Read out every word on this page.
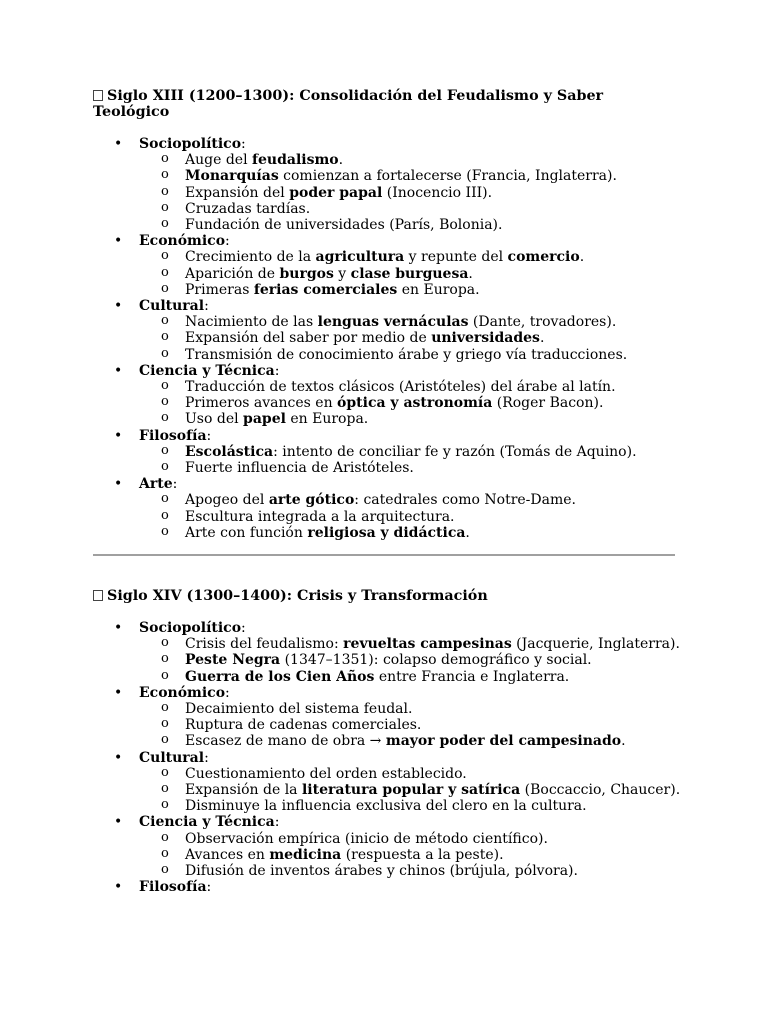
Siglo XIII (1200–1300): Consolidación del Feudalismo y Saber
Teológico

• Sociopolítico:
o Auge del feudalismo.
o Monarquías comienzan a fortalecerse (Francia, Inglaterra).
o Expansión del poder papal (Inocencio III).
o Cruzadas tardías.
o Fundación de universidades (París, Bolonia).
• Económico:
o Crecimiento de la agricultura y repunte del comercio.
o Aparición de burgos y clase burguesa.
o Primeras ferias comerciales en Europa.
• Cultural:
o Nacimiento de las lenguas vernáculas (Dante, trovadores).
o Expansión del saber por medio de universidades.
o Transmisión de conocimiento árabe y griego vía traducciones.
• Ciencia y Técnica:
o Traducción de textos clásicos (Aristóteles) del árabe al latín.
o Primeros avances en óptica y astronomía (Roger Bacon).
o Uso del papel en Europa.
• Filosofía:
o Escolástica: intento de conciliar fe y razón (Tomás de Aquino).
o Fuerte influencia de Aristóteles.
• Arte:
o Apogeo del arte gótico: catedrales como Notre-Dame.
o Escultura integrada a la arquitectura.
o Arte con función religiosa y didáctica.

Siglo XIV (1300–1400): Crisis y Transformación

• Sociopolítico:
o Crisis del feudalismo: revueltas campesinas (Jacquerie, Inglaterra).
o Peste Negra (1347–1351): colapso demográfico y social.
o Guerra de los Cien Años entre Francia e Inglaterra.
• Económico:
o Decaimiento del sistema feudal.
o Ruptura de cadenas comerciales.
o Escasez de mano de obra → mayor poder del campesinado.
• Cultural:
o Cuestionamiento del orden establecido.
o Expansión de la literatura popular y satírica (Boccaccio, Chaucer).
o Disminuye la influencia exclusiva del clero en la cultura.
• Ciencia y Técnica:
o Observación empírica (inicio de método científico).
o Avances en medicina (respuesta a la peste).
o Difusión de inventos árabes y chinos (brújula, pólvora).
• Filosofía:
